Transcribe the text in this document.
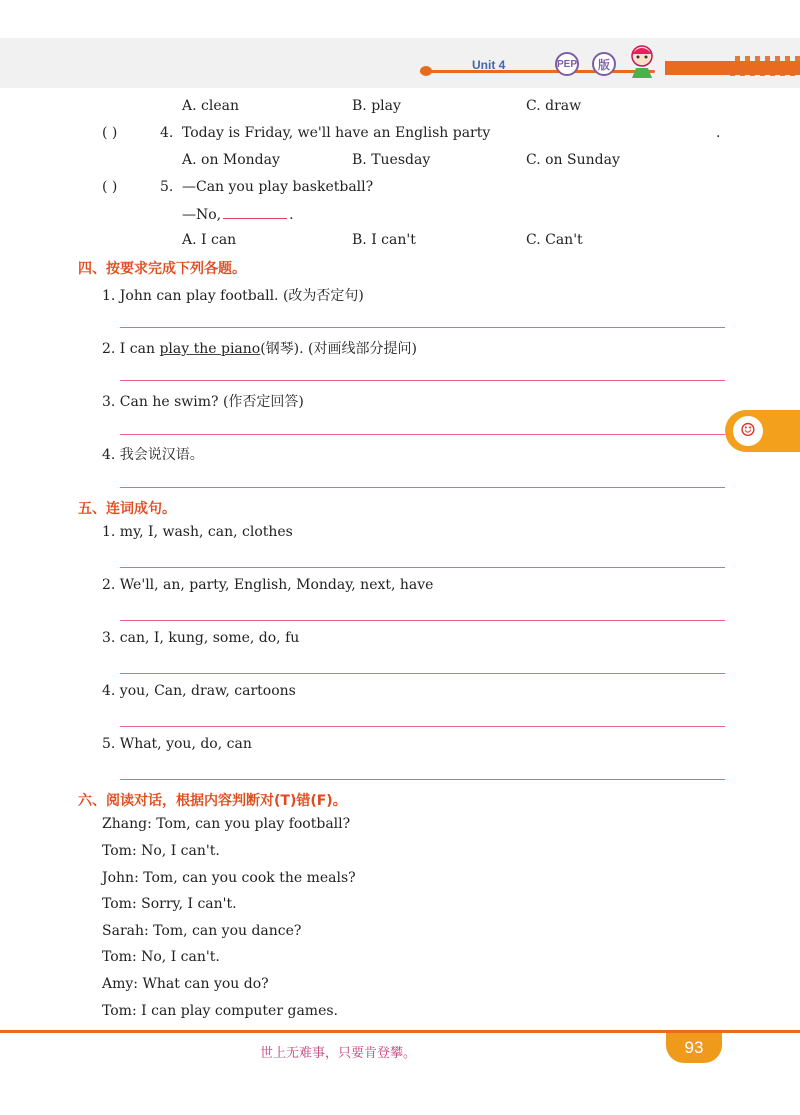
Unit 4	PEP	版
A. clean	B. play	C. draw
( )	4. Today is Friday, we'll have an English party	.
A. on Monday	B. Tuesday	C. on Sunday
( )	5. —Can you play basketball?
—No,	.
A. I can	B. I can't	C. Can't
四、按要求完成下列各题。
1. John can play football. (改为否定句)
2. I can play the piano(钢琴). (对画线部分提问)
3. Can he swim? (作否定回答)
4. 我会说汉语。
☺
五、连词成句。
1. my, I, wash, can, clothes
2. We'll, an, party, English, Monday, next, have
3. can, I, kung, some, do, fu
4. you, Can, draw, cartoons
5. What, you, do, can
六、阅读对话，根据内容判断对(T)错(F)。
Zhang: Tom, can you play football?
Tom: No, I can't.
John: Tom, can you cook the meals?
Tom: Sorry, I can't.
Sarah: Tom, can you dance?
Tom: No, I can't.
Amy: What can you do?
Tom: I can play computer games.
世上无难事，只要肯登攀。	93
